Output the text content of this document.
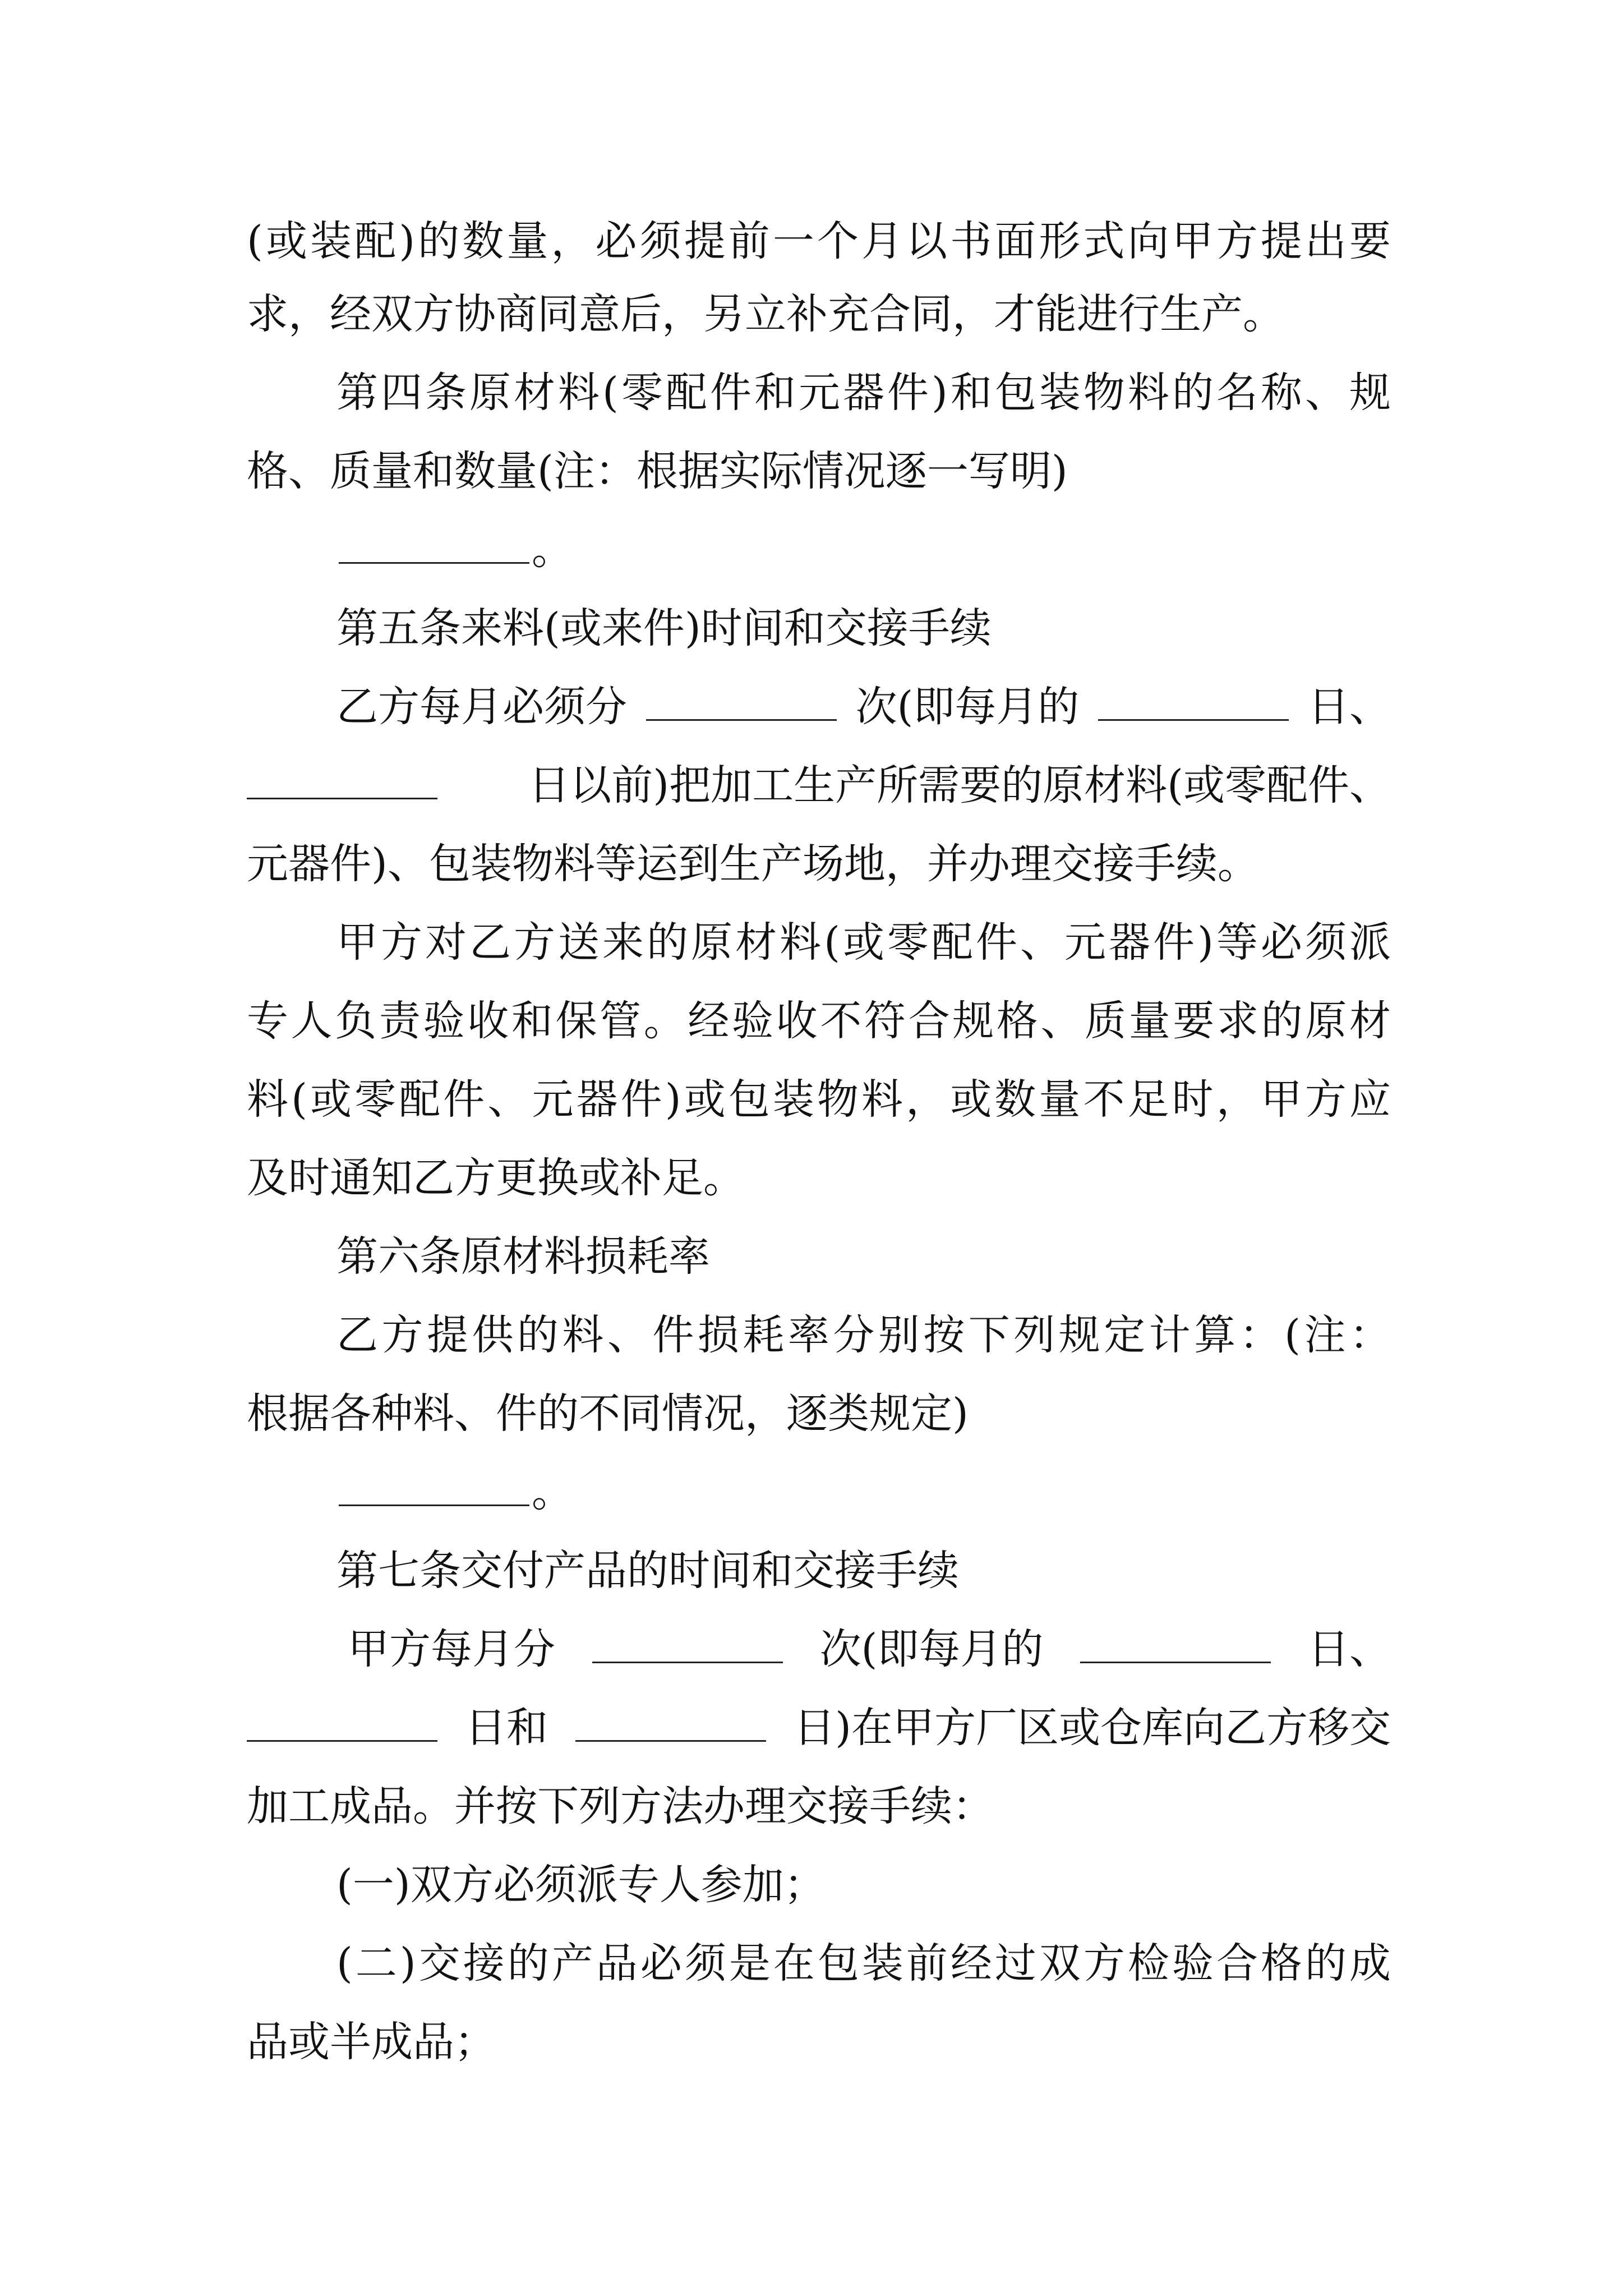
(或装配)的数量，必须提前一个月以书面形式向甲方提出要
求，经双方协商同意后，另立补充合同，才能进行生产。
第四条原材料(零配件和元器件)和包装物料的名称、规
格、质量和数量(注：根据实际情况逐一写明)
。
第五条来料(或来件)时间和交接手续
乙方每月必须分	次(即每月的	日、
日以前)把加工生产所需要的原材料(或零配件、
元器件)、包装物料等运到生产场地，并办理交接手续。
甲方对乙方送来的原材料(或零配件、元器件)等必须派
专人负责验收和保管。经验收不符合规格、质量要求的原材
料(或零配件、元器件)或包装物料，或数量不足时，甲方应
及时通知乙方更换或补足。
第六条原材料损耗率
乙方提供的料、件损耗率分别按下列规定计算：(注：
根据各种料、件的不同情况，逐类规定)
。
第七条交付产品的时间和交接手续
甲方每月分	次(即每月的	日、
日和	日)在甲方厂区或仓库向乙方移交
加工成品。并按下列方法办理交接手续：
(一)双方必须派专人参加；
(二)交接的产品必须是在包装前经过双方检验合格的成
品或半成品；
